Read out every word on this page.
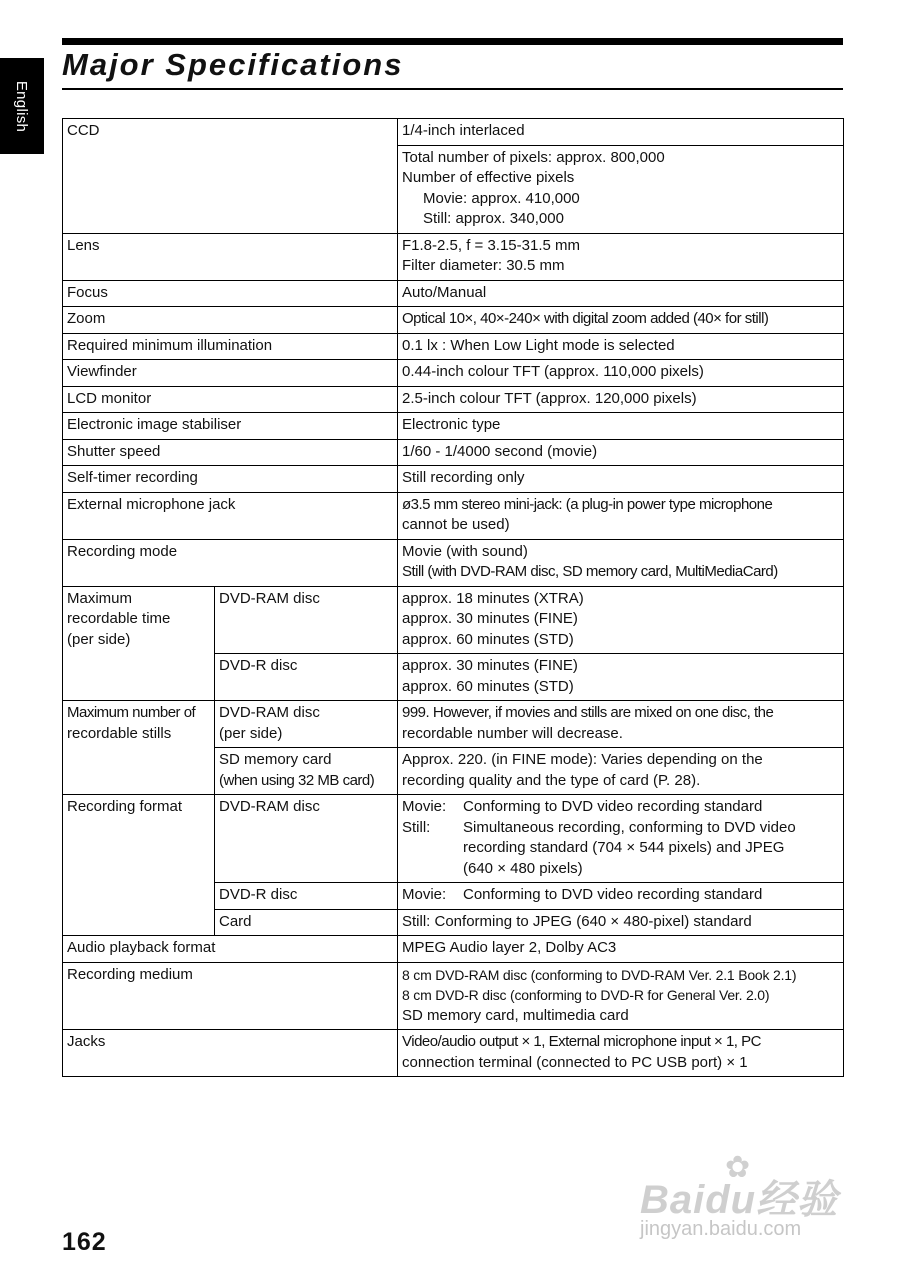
English
Major Specifications
CCD		1/4-inch interlaced

		Total number of pixels: approx. 800,000
Number of effective pixels
Movie: approx. 410,000
Still: approx. 340,000

Lens		F1.8-2.5, f = 3.15-31.5 mm
Filter diameter: 30.5 mm

Focus		Auto/Manual

Zoom		Optical 10×, 40×-240× with digital zoom added (40× for still)

Required minimum illumination		0.1 lx : When Low Light mode is selected

Viewfinder		0.44-inch colour TFT (approx. 110,000 pixels)

LCD monitor		2.5-inch colour TFT (approx. 120,000 pixels)

Electronic image stabiliser		Electronic type

Shutter speed		1/60 - 1/4000 second (movie)

Self-timer recording		Still recording only

External microphone jack		ø3.5 mm stereo mini-jack: (a plug-in power type microphone
cannot be used)

Recording mode		Movie (with sound)
Still (with DVD-RAM disc, SD memory card, MultiMediaCard)

Maximum
recordable time
(per side)	DVD-RAM disc	approx. 18 minutes (XTRA)
approx. 30 minutes (FINE)
approx. 60 minutes (STD)

	DVD-R disc	approx. 30 minutes (FINE)
approx. 60 minutes (STD)

Maximum number of
recordable stills	DVD-RAM disc
(per side)	999. However, if movies and stills are mixed on one disc, the
recordable number will decrease.

	SD memory card
(when using 32 MB card)	Approx. 220. (in FINE mode): Varies depending on the
recording quality and the type of card (P. 28).

Recording format	DVD-RAM disc	Movie: Conforming to DVD video recording standard
Still: Simultaneous recording, conforming to DVD video
recording standard (704 × 544 pixels) and JPEG
(640 × 480 pixels)

	DVD-R disc	Movie: Conforming to DVD video recording standard

	Card	Still: Conforming to JPEG (640 × 480-pixel) standard

Audio playback format		MPEG Audio layer 2, Dolby AC3

Recording medium		8 cm DVD-RAM disc (conforming to DVD-RAM Ver. 2.1 Book 2.1)
8 cm DVD-R disc (conforming to DVD-R for General Ver. 2.0)
SD memory card, multimedia card

Jacks		Video/audio output × 1, External microphone input × 1, PC
connection terminal (connected to PC USB port) × 1
162
✿
Baidu经验
jingyan.baidu.com
